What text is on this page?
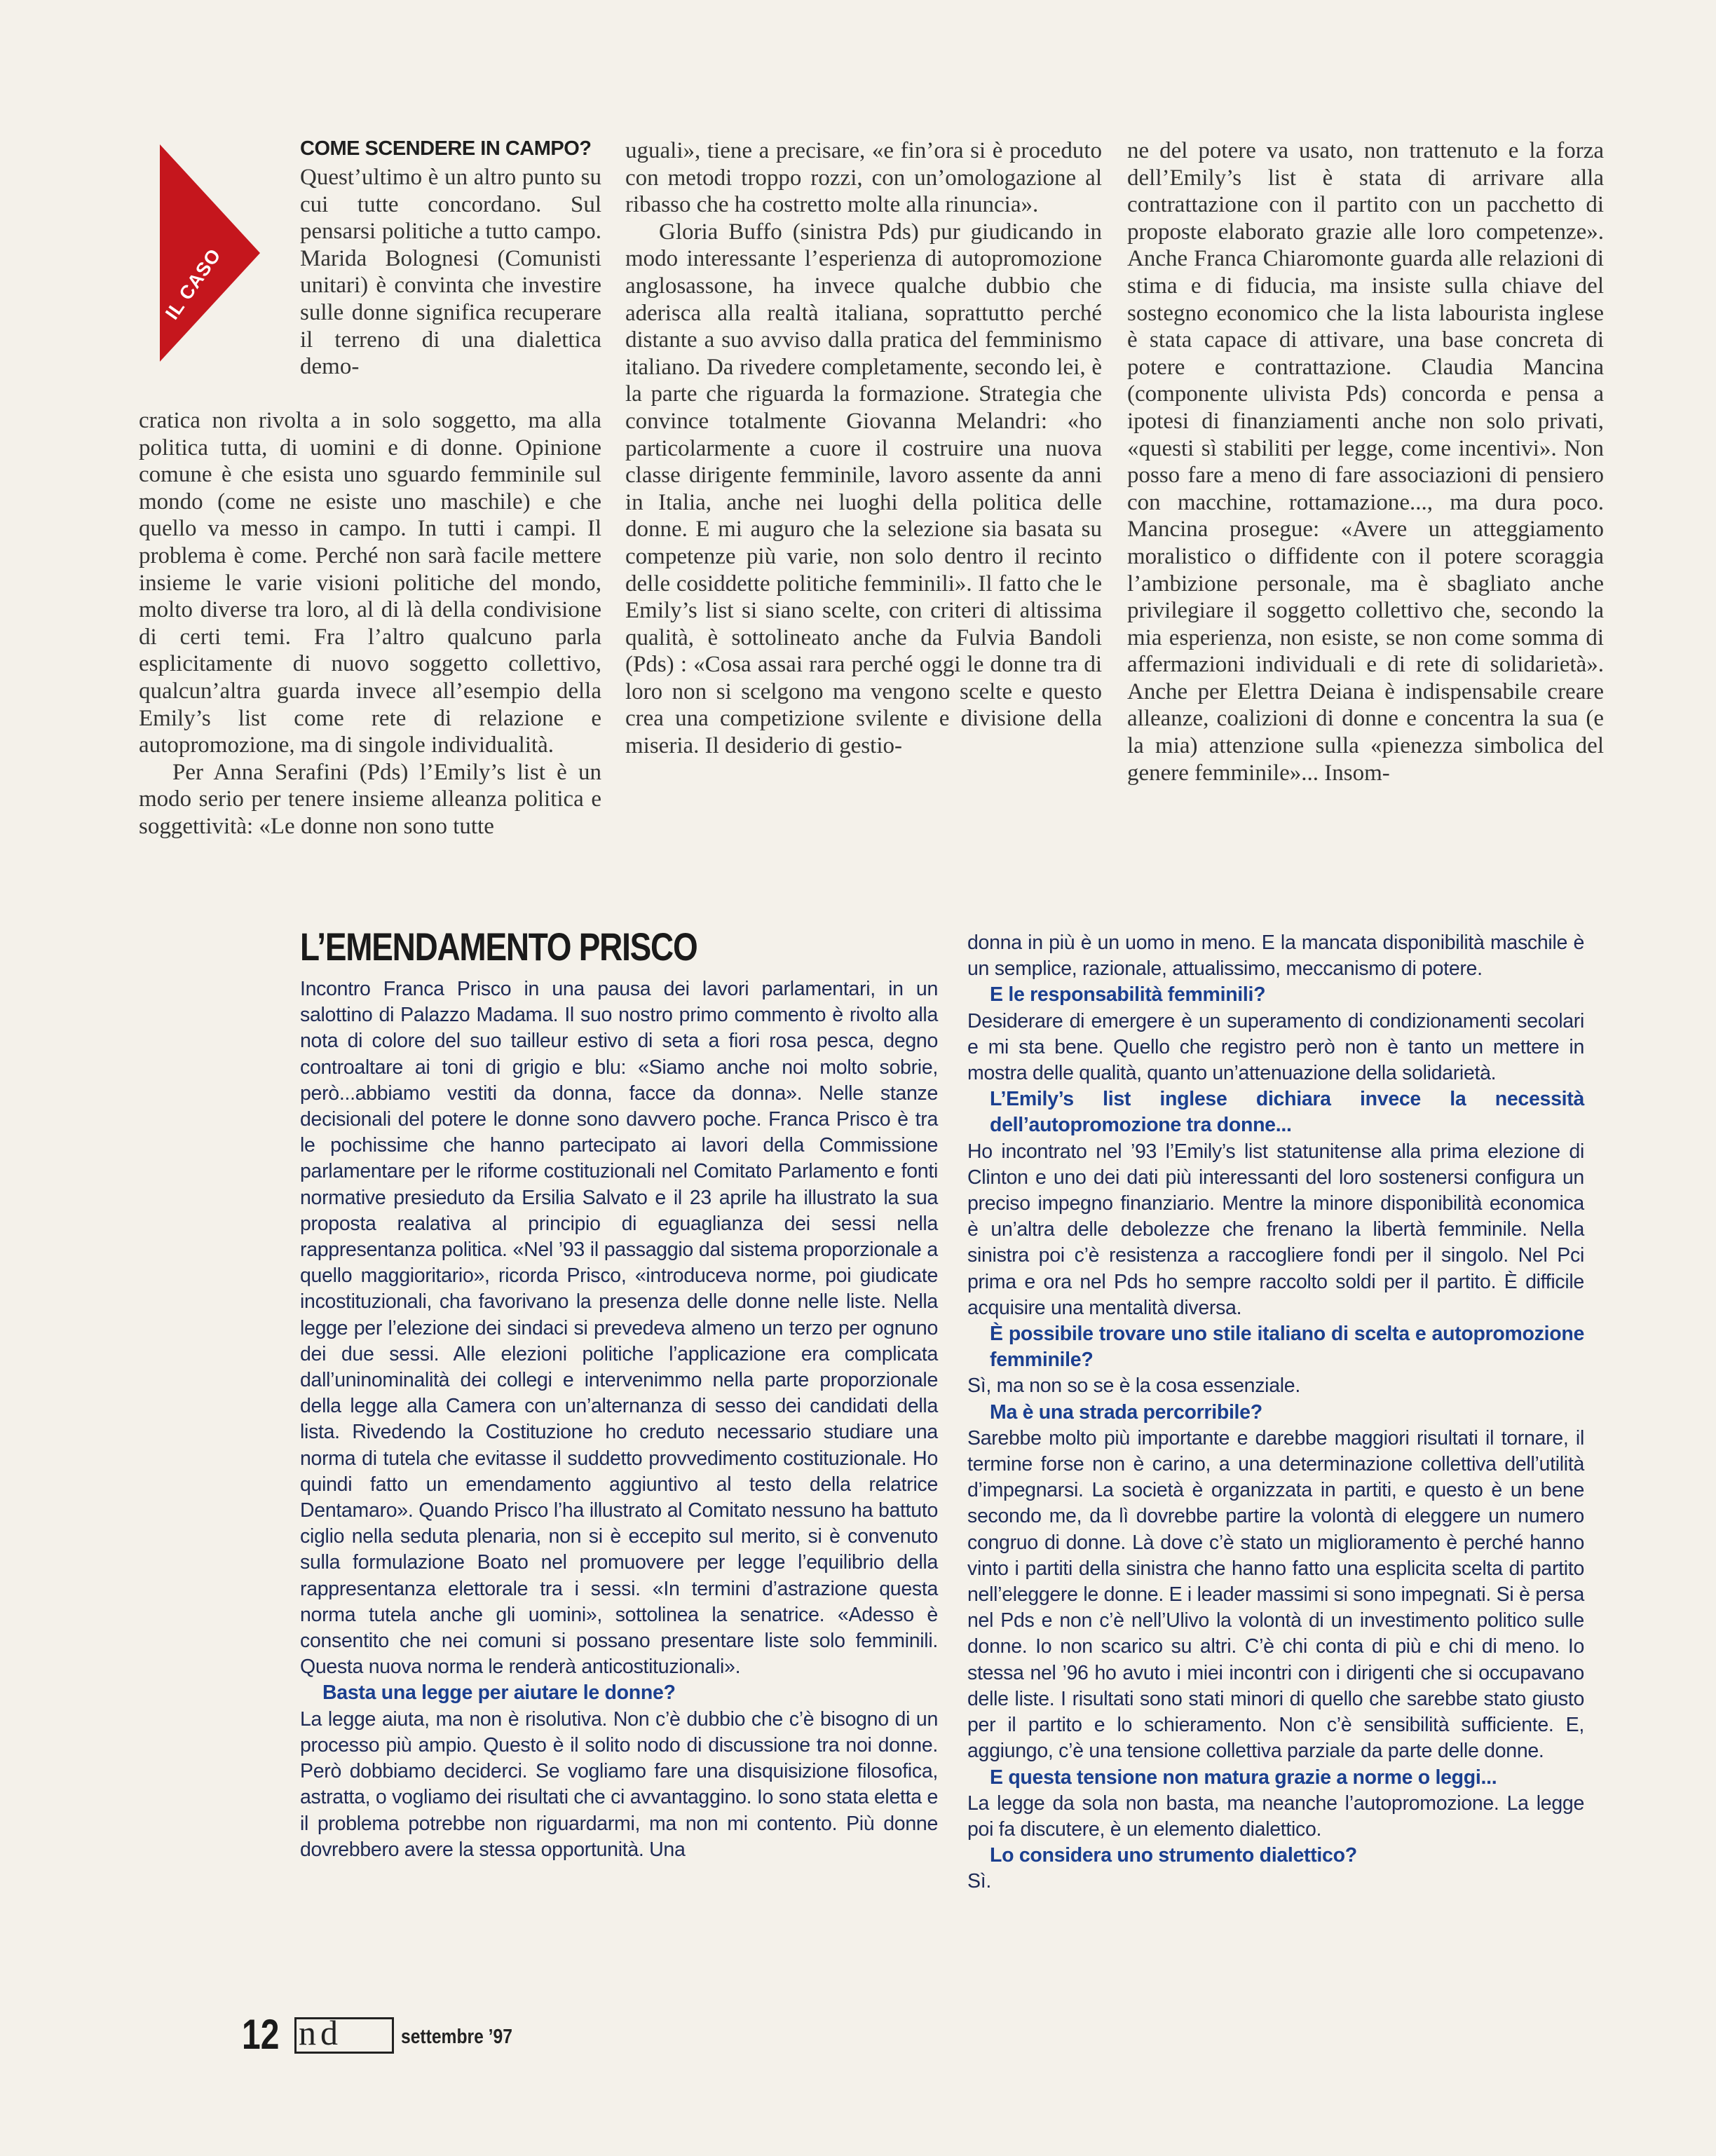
IL CASO
COME SCENDERE IN CAMPO?

Quest’ultimo è un altro punto su cui tutte concordano. Sul pensarsi politiche a tutto campo. Marida Bolognesi (Comunisti unitari) è convinta che investire sulle donne significa recuperare il terreno di una dialettica demo-

cratica non rivolta a in solo soggetto, ma alla politica tutta, di uomini e di donne. Opinione comune è che esista uno sguardo femminile sul mondo (come ne esiste uno maschile) e che quello va messo in campo. In tutti i campi. Il problema è come. Perché non sarà facile mettere insieme le varie visioni politiche del mondo, molto diverse tra loro, al di là della condivisione di certi temi. Fra l’altro qualcuno parla esplicitamente di nuovo soggetto collettivo, qualcun’altra guarda invece all’esempio della Emily’s list come rete di relazione e autopromozione, ma di singole individualità.

Per Anna Serafini (Pds) l’Emily’s list è un modo serio per tenere insieme alleanza politica e soggettività: «Le donne non sono tutte

uguali», tiene a precisare, «e fin’ora si è proceduto con metodi troppo rozzi, con un’omologazione al ribasso che ha costretto molte alla rinuncia».

Gloria Buffo (sinistra Pds) pur giudicando in modo interessante l’esperienza di autopromozione anglosassone, ha invece qualche dubbio che aderisca alla realtà italiana, soprattutto perché distante a suo avviso dalla pratica del femminismo italiano. Da rivedere completamente, secondo lei, è la parte che riguarda la formazione. Strategia che convince totalmente Giovanna Melandri: «ho particolarmente a cuore il costruire una nuova classe dirigente femminile, lavoro assente da anni in Italia, anche nei luoghi della politica delle donne. E mi auguro che la selezione sia basata su competenze più varie, non solo dentro il recinto delle cosiddette politiche femminili». Il fatto che le Emily’s list si siano scelte, con criteri di altissima qualità, è sottolineato anche da Fulvia Bandoli (Pds) : «Cosa assai rara perché oggi le donne tra di loro non si scelgono ma vengono scelte e questo crea una competizione svilente e divisione della miseria. Il desiderio di gestio-

ne del potere va usato, non trattenuto e la forza dell’Emily’s list è stata di arrivare alla contrattazione con il partito con un pacchetto di proposte elaborato grazie alle loro competenze». Anche Franca Chiaromonte guarda alle relazioni di stima e di fiducia, ma insiste sulla chiave del sostegno economico che la lista labourista inglese è stata capace di attivare, una base concreta di potere e contrattazione. Claudia Mancina (componente ulivista Pds) concorda e pensa a ipotesi di finanziamenti anche non solo privati, «questi sì stabiliti per legge, come incentivi». Non posso fare a meno di fare associazioni di pensiero con macchine, rottamazione..., ma dura poco. Mancina prosegue: «Avere un atteggiamento moralistico o diffidente con il potere scoraggia l’ambizione personale, ma è sbagliato anche privilegiare il soggetto collettivo che, secondo la mia esperienza, non esiste, se non come somma di affermazioni individuali e di rete di solidarietà». Anche per Elettra Deiana è indispensabile creare alleanze, coalizioni di donne e concentra la sua (e la mia) attenzione sulla «pienezza simbolica del genere femminile»... Insom-

L’EMENDAMENTO PRISCO

Incontro Franca Prisco in una pausa dei lavori parlamentari, in un salottino di Palazzo Madama. Il suo nostro primo commento è rivolto alla nota di colore del suo tailleur estivo di seta a fiori rosa pesca, degno controaltare ai toni di grigio e blu: «Siamo anche noi molto sobrie, però...abbiamo vestiti da donna, facce da donna». Nelle stanze decisionali del potere le donne sono davvero poche. Franca Prisco è tra le pochissime che hanno partecipato ai lavori della Commissione parlamentare per le riforme costituzionali nel Comitato Parlamento e fonti normative presieduto da Ersilia Salvato e il 23 aprile ha illustrato la sua proposta realativa al principio di eguaglianza dei sessi nella rappresentanza politica. «Nel ’93 il passaggio dal sistema proporzionale a quello maggioritario», ricorda Prisco, «introduceva norme, poi giudicate incostituzionali, cha favorivano la presenza delle donne nelle liste. Nella legge per l’elezione dei sindaci si prevedeva almeno un terzo per ognuno dei due sessi. Alle elezioni politiche l’applicazione era complicata dall’uninominalità dei collegi e intervenimmo nella parte proporzionale della legge alla Camera con un’alternanza di sesso dei candidati della lista. Rivedendo la Costituzione ho creduto necessario studiare una norma di tutela che evitasse il suddetto provvedimento costituzionale. Ho quindi fatto un emendamento aggiuntivo al testo della relatrice Dentamaro». Quando Prisco l’ha illustrato al Comitato nessuno ha battuto ciglio nella seduta plenaria, non si è eccepito sul merito, si è convenuto sulla formulazione Boato nel promuovere per legge l’equilibrio della rappresentanza elettorale tra i sessi. «In termini d’astrazione questa norma tutela anche gli uomini», sottolinea la senatrice. «Adesso è consentito che nei comuni si possano presentare liste solo femminili. Questa nuova norma le renderà anticostituzionali».

Basta una legge per aiutare le donne?

La legge aiuta, ma non è risolutiva. Non c’è dubbio che c’è bisogno di un processo più ampio. Questo è il solito nodo di discussione tra noi donne. Però dobbiamo deciderci. Se vogliamo fare una disquisizione filosofica, astratta, o vogliamo dei risultati che ci avvantaggino. Io sono stata eletta e il problema potrebbe non riguardarmi, ma non mi contento. Più donne dovrebbero avere la stessa opportunità. Una

donna in più è un uomo in meno. E la mancata disponibilità maschile è un semplice, razionale, attualissimo, meccanismo di potere.

E le responsabilità femminili?

Desiderare di emergere è un superamento di condizionamenti secolari e mi sta bene. Quello che registro però non è tanto un mettere in mostra delle qualità, quanto un’attenuazione della solidarietà.

L’Emily’s list inglese dichiara invece la necessità dell’autopromozione tra donne...

Ho incontrato nel ’93 l’Emily’s list statunitense alla prima elezione di Clinton e uno dei dati più interessanti del loro sostenersi configura un preciso impegno finanziario. Mentre la minore disponibilità economica è un’altra delle debolezze che frenano la libertà femminile. Nella sinistra poi c’è resistenza a raccogliere fondi per il singolo. Nel Pci prima e ora nel Pds ho sempre raccolto soldi per il partito. È difficile acquisire una mentalità diversa.

È possibile trovare uno stile italiano di scelta e autopromozione femminile?

Sì, ma non so se è la cosa essenziale.

Ma è una strada percorribile?

Sarebbe molto più importante e darebbe maggiori risultati il tornare, il termine forse non è carino, a una determinazione collettiva dell’utilità d’impegnarsi. La società è organizzata in partiti, e questo è un bene secondo me, da lì dovrebbe partire la volontà di eleggere un numero congruo di donne. Là dove c’è stato un miglioramento è perché hanno vinto i partiti della sinistra che hanno fatto una esplicita scelta di partito nell’eleggere le donne. E i leader massimi si sono impegnati. Si è persa nel Pds e non c’è nell’Ulivo la volontà di un investimento politico sulle donne. Io non scarico su altri. C’è chi conta di più e chi di meno. Io stessa nel ’96 ho avuto i miei incontri con i dirigenti che si occupavano delle liste. I risultati sono stati minori di quello che sarebbe stato giusto per il partito e lo schieramento. Non c’è sensibilità sufficiente. E, aggiungo, c’è una tensione collettiva parziale da parte delle donne.

E questa tensione non matura grazie a norme o leggi...

La legge da sola non basta, ma neanche l’autopromozione. La legge poi fa discutere, è un elemento dialettico.

Lo considera uno strumento dialettico?

Sì.

12 nd	settembre ’97
